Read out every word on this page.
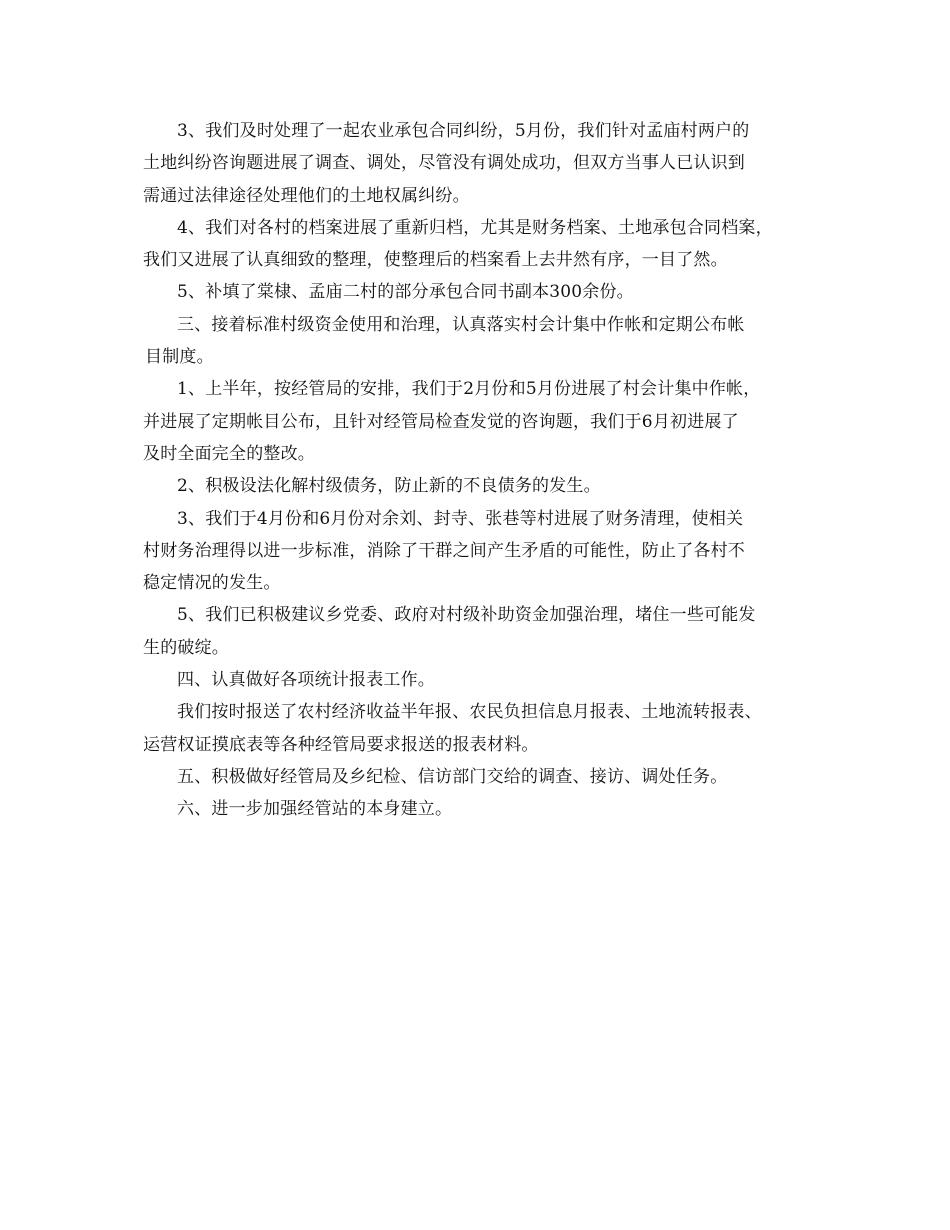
3、我们及时处理了一起农业承包合同纠纷，5月份，我们针对孟庙村两户的
土地纠纷咨询题进展了调查、调处，尽管没有调处成功，但双方当事人已认识到
需通过法律途径处理他们的土地权属纠纷。
4、我们对各村的档案进展了重新归档，尤其是财务档案、土地承包合同档案，
我们又进展了认真细致的整理，使整理后的档案看上去井然有序，一目了然。
5、补填了棠棣、孟庙二村的部分承包合同书副本300余份。
三、接着标准村级资金使用和治理，认真落实村会计集中作帐和定期公布帐
目制度。
1、上半年，按经管局的安排，我们于2月份和5月份进展了村会计集中作帐，
并进展了定期帐目公布，且针对经管局检查发觉的咨询题，我们于6月初进展了
及时全面完全的整改。
2、积极设法化解村级债务，防止新的不良债务的发生。
3、我们于4月份和6月份对余刘、封寺、张巷等村进展了财务清理，使相关
村财务治理得以进一步标准，消除了干群之间产生矛盾的可能性，防止了各村不
稳定情况的发生。
5、我们已积极建议乡党委、政府对村级补助资金加强治理，堵住一些可能发
生的破绽。
四、认真做好各项统计报表工作。
我们按时报送了农村经济收益半年报、农民负担信息月报表、土地流转报表、
运营权证摸底表等各种经管局要求报送的报表材料。
五、积极做好经管局及乡纪检、信访部门交给的调查、接访、调处任务。
六、进一步加强经管站的本身建立。
